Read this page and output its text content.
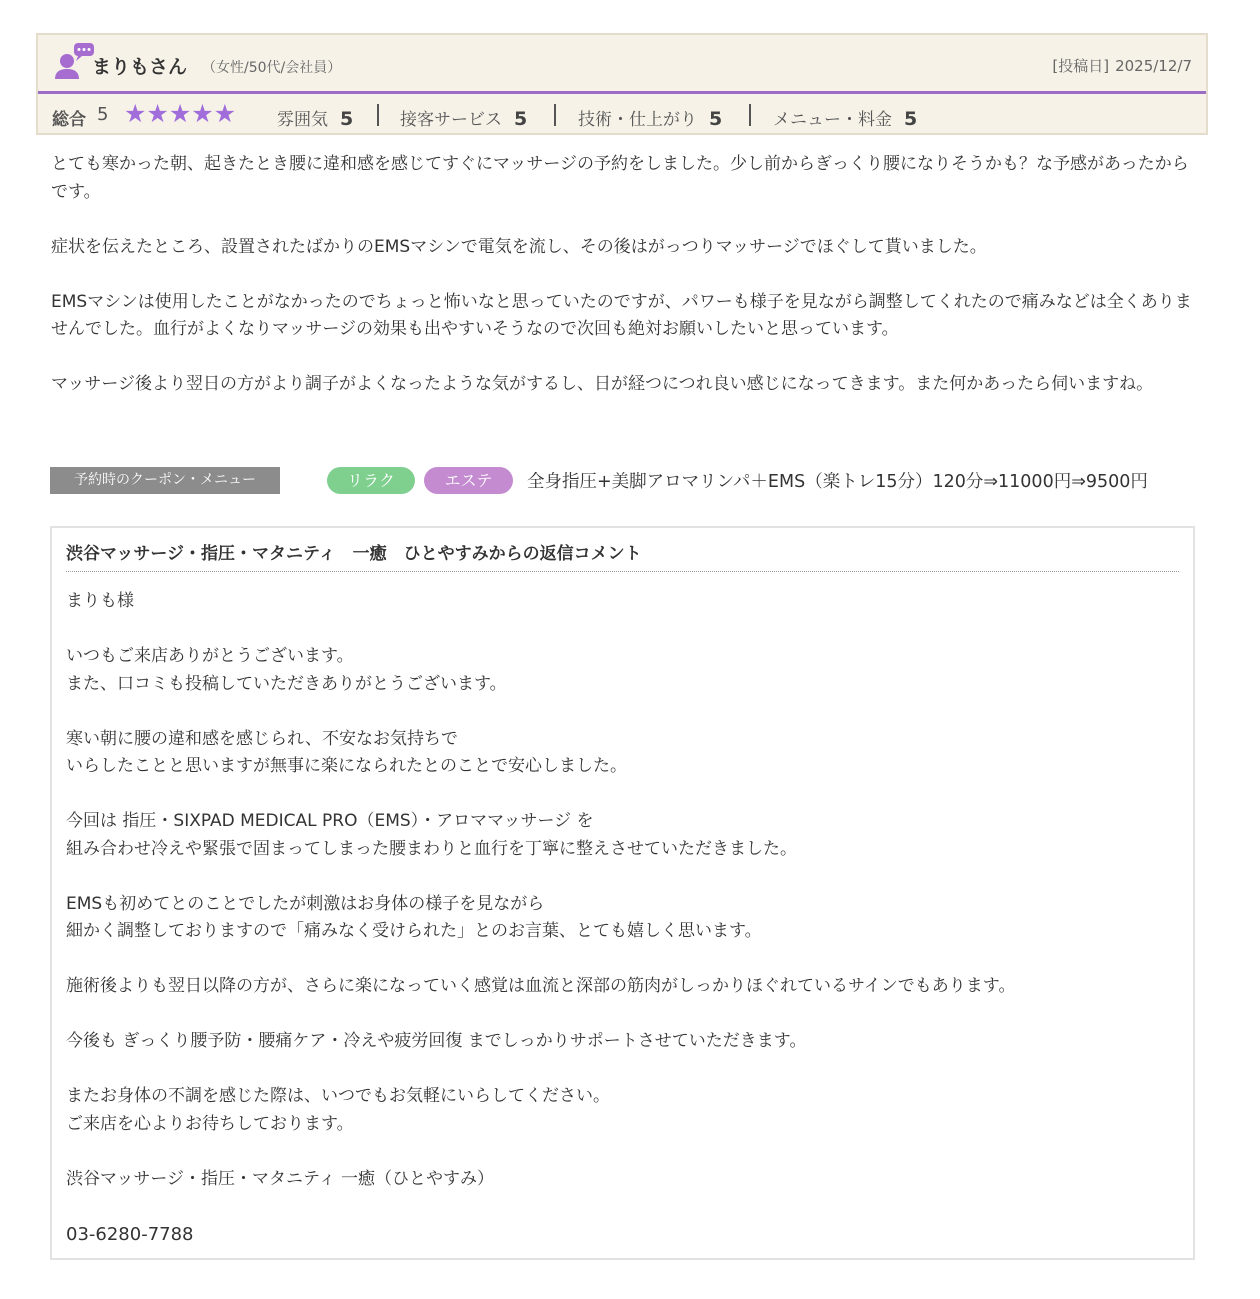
まりもさん （女性/50代/会社員）	[投稿日] 2025/12/7
総合 5 ★★★★★ 雰囲気 5	接客サービス 5	技術・仕上がり 5	メニュー・料金 5

とても寒かった朝、起きたとき腰に違和感を感じてすぐにマッサージの予約をしました。少し前からぎっくり腰になりそうかも？な予感があったからです。

症状を伝えたところ、設置されたばかりのEMSマシンで電気を流し、その後はがっつりマッサージでほぐして貰いました。

EMSマシンは使用したことがなかったのでちょっと怖いなと思っていたのですが、パワーも様子を見ながら調整してくれたので痛みなどは全くありませんでした。血行がよくなりマッサージの効果も出やすいそうなので次回も絶対お願いしたいと思っています。

マッサージ後より翌日の方がより調子がよくなったような気がするし、日が経つにつれ良い感じになってきます。また何かあったら伺いますね。

予約時のクーポン・メニュー	リラク	エステ	全身指圧+美脚アロマリンパ＋EMS（楽トレ15分）120分⇒11000円⇒9500円
渋谷マッサージ・指圧・マタニティ　一癒　ひとやすみからの返信コメント

まりも様

いつもご来店ありがとうございます。
また、口コミも投稿していただきありがとうございます。

寒い朝に腰の違和感を感じられ、不安なお気持ちで
いらしたことと思いますが無事に楽になられたとのことで安心しました。

今回は 指圧・SIXPAD MEDICAL PRO（EMS）・アロママッサージ を
組み合わせ冷えや緊張で固まってしまった腰まわりと血行を丁寧に整えさせていただきました。

EMSも初めてとのことでしたが刺激はお身体の様子を見ながら
細かく調整しておりますので「痛みなく受けられた」とのお言葉、とても嬉しく思います。

施術後よりも翌日以降の方が、さらに楽になっていく感覚は血流と深部の筋肉がしっかりほぐれているサインでもあります。

今後も ぎっくり腰予防・腰痛ケア・冷えや疲労回復 までしっかりサポートさせていただきます。

またお身体の不調を感じた際は、いつでもお気軽にいらしてください。
ご来店を心よりお待ちしております。

渋谷マッサージ・指圧・マタニティ 一癒（ひとやすみ）

03-6280-7788
